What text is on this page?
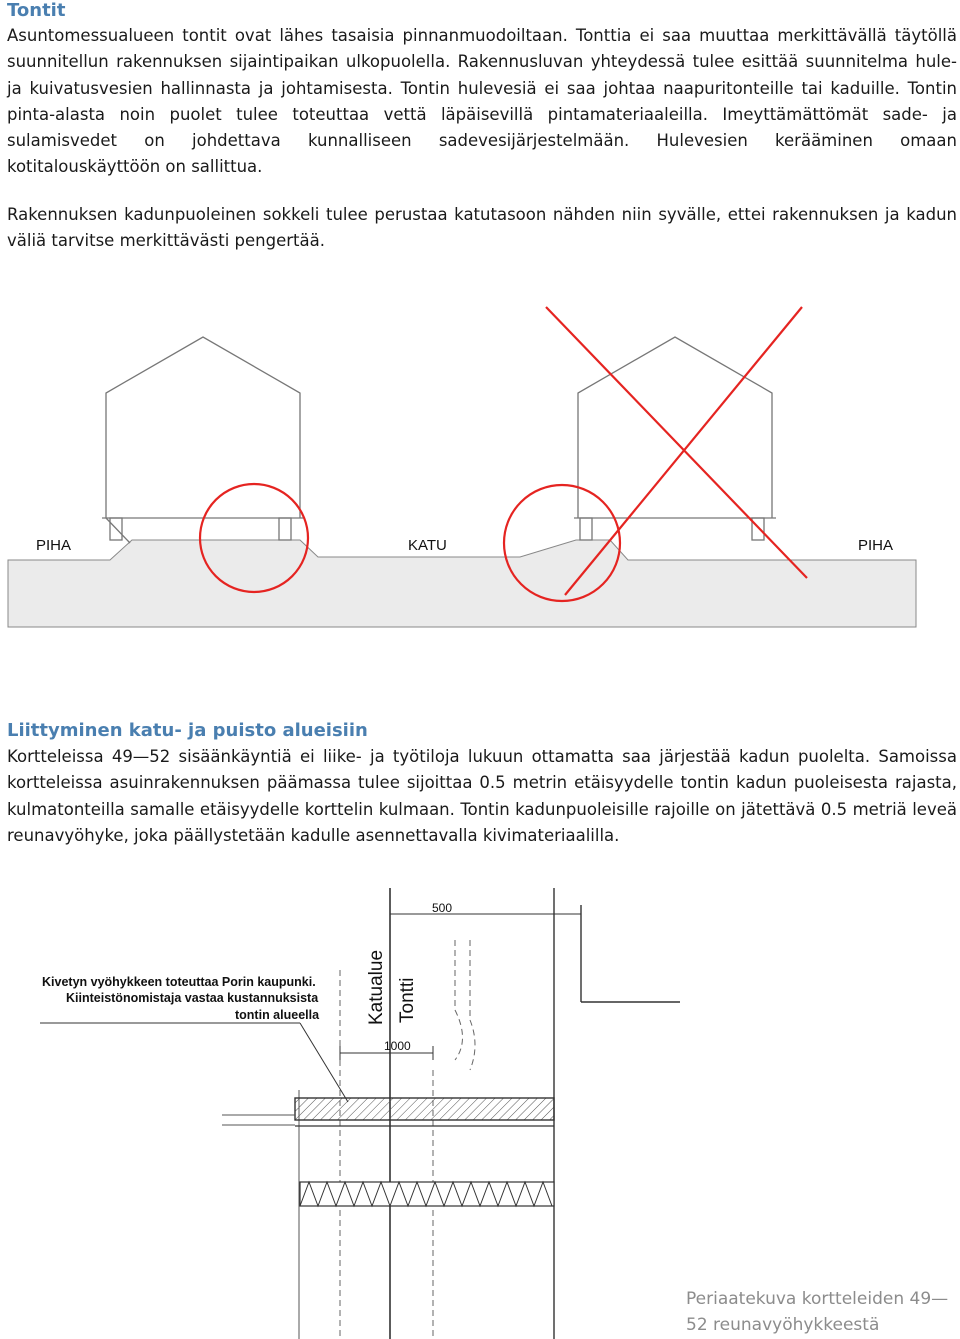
Tontit

Asuntomessualueen tontit ovat lähes tasaisia pinnanmuodoiltaan. Tonttia ei saa muuttaa merkittävällä täytöllä suunnitellun rakennuksen sijaintipaikan ulkopuolella. Rakennusluvan yhteydessä tulee esittää suunnitelma hule- ja kuivatusvesien hallinnasta ja johtamisesta. Tontin hulevesiä ei saa johtaa naapuritonteille tai kaduille. Tontin pinta-alasta noin puolet tulee toteuttaa vettä läpäisevillä pintamateriaaleilla. Imeyttämättömät sade- ja sulamisvedet on johdettava kunnalliseen sadevesijärjestelmään. Hulevesien kerääminen omaan kotitalouskäyttöön on sallittua.

Rakennuksen kadunpuoleinen sokkeli tulee perustaa katutasoon nähden niin syvälle, ettei rakennuksen ja kadun väliä tarvitse merkittävästi pengertää.

PIHA	KATU	PIHA
Liittyminen katu- ja puisto alueisiin

Kortteleissa 49—52 sisäänkäyntiä ei liike- ja työtiloja lukuun ottamatta saa järjestää kadun puolelta. Samoissa kortteleissa asuinrakennuksen päämassa tulee sijoittaa 0.5 metrin etäisyydelle tontin kadun puoleisesta rajasta, kulmatonteilla samalle etäisyydelle korttelin kulmaan. Tontin kadunpuoleisille rajoille on jätettävä 0.5 metriä leveä reunavyöhyke, joka päällystetään kadulle asennettavalla kivimateriaalilla.

500
1000
Katualue Tontti
Kivetyn vyöhykkeen toteuttaa Porin kaupunki.
Kiinteistönomistaja vastaa kustannuksista
tontin alueella
Periaatekuva kortteleiden 49—
52 reunavyöhykkeestä
